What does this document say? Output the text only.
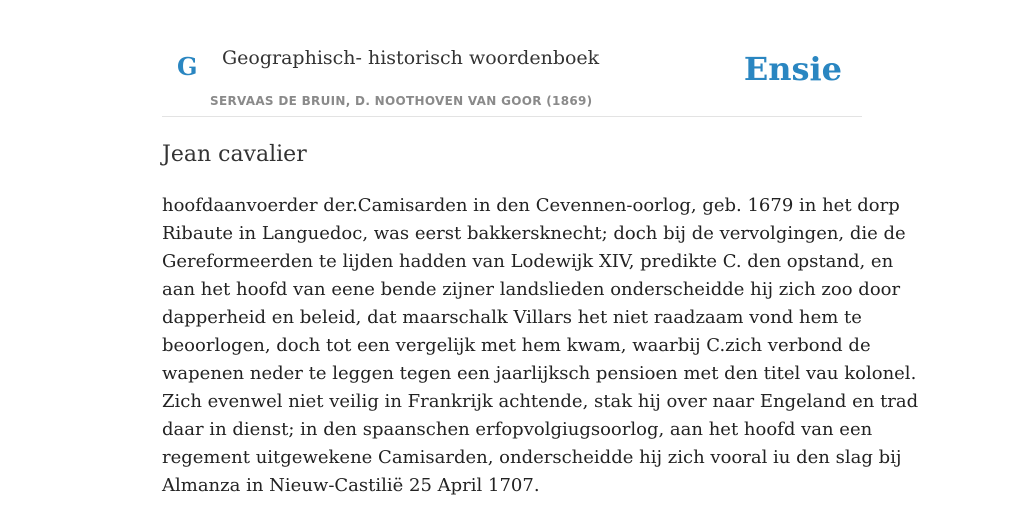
G Geographisch- historisch woordenboek
SERVAAS DE BRUIN, D. NOOTHOVEN VAN GOOR (1869)
Ensie
Jean cavalier

hoofdaanvoerder der.Camisarden in den Cevennen-oorlog, geb. 1679 in het dorp
Ribaute in Languedoc, was eerst bakkersknecht; doch bij de vervolgingen, die de
Gereformeerden te lijden hadden van Lodewijk XIV, predikte C. den opstand, en
aan het hoofd van eene bende zijner landslieden onderscheidde hij zich zoo door
dapperheid en beleid, dat maarschalk Villars het niet raadzaam vond hem te
beoorlogen, doch tot een vergelijk met hem kwam, waarbij C.zich verbond de
wapenen neder te leggen tegen een jaarlijksch pensioen met den titel vau kolonel.
Zich evenwel niet veilig in Frankrijk achtende, stak hij over naar Engeland en trad
daar in dienst; in den spaanschen erfopvolgiugsoorlog, aan het hoofd van een
regement uitgewekene Camisarden, onderscheidde hij zich vooral iu den slag bij
Almanza in Nieuw-Castilië 25 April 1707.
